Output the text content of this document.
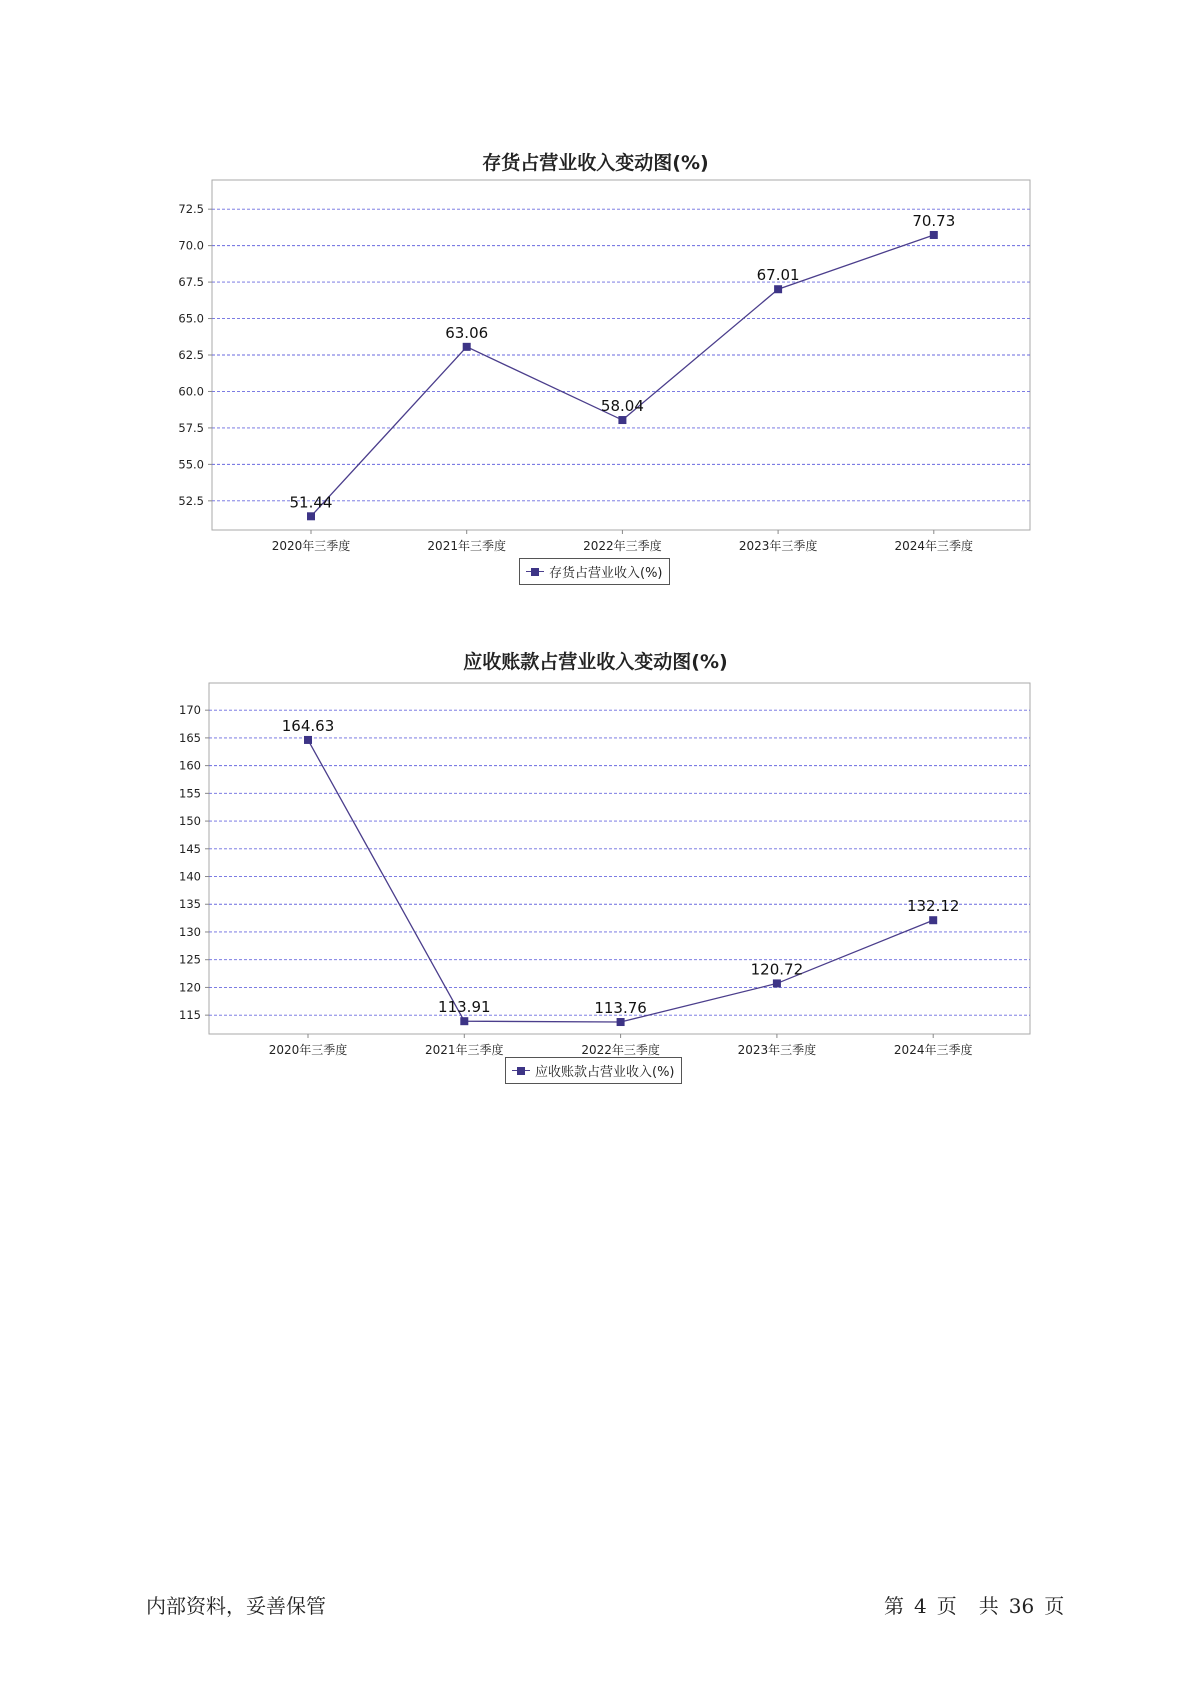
存货占营业收入变动图(%)
52.5
55.0
57.5
60.0
62.5
65.0
67.5
70.0
72.5
2020年三季度	2021年三季度	2022年三季度	2023年三季度	2024年三季度
51.44
63.06
58.04
67.01
70.73
存货占营业收入(%)
应收账款占营业收入变动图(%)
115
120
125
130
135
140
145
150
155
160
165
170
2020年三季度	2021年三季度	2022年三季度	2023年三季度	2024年三季度
164.63
113.91	113.76
120.72
132.12
应收账款占营业收入(%)
内部资料，妥善保管	第 4 页 共 36 页
